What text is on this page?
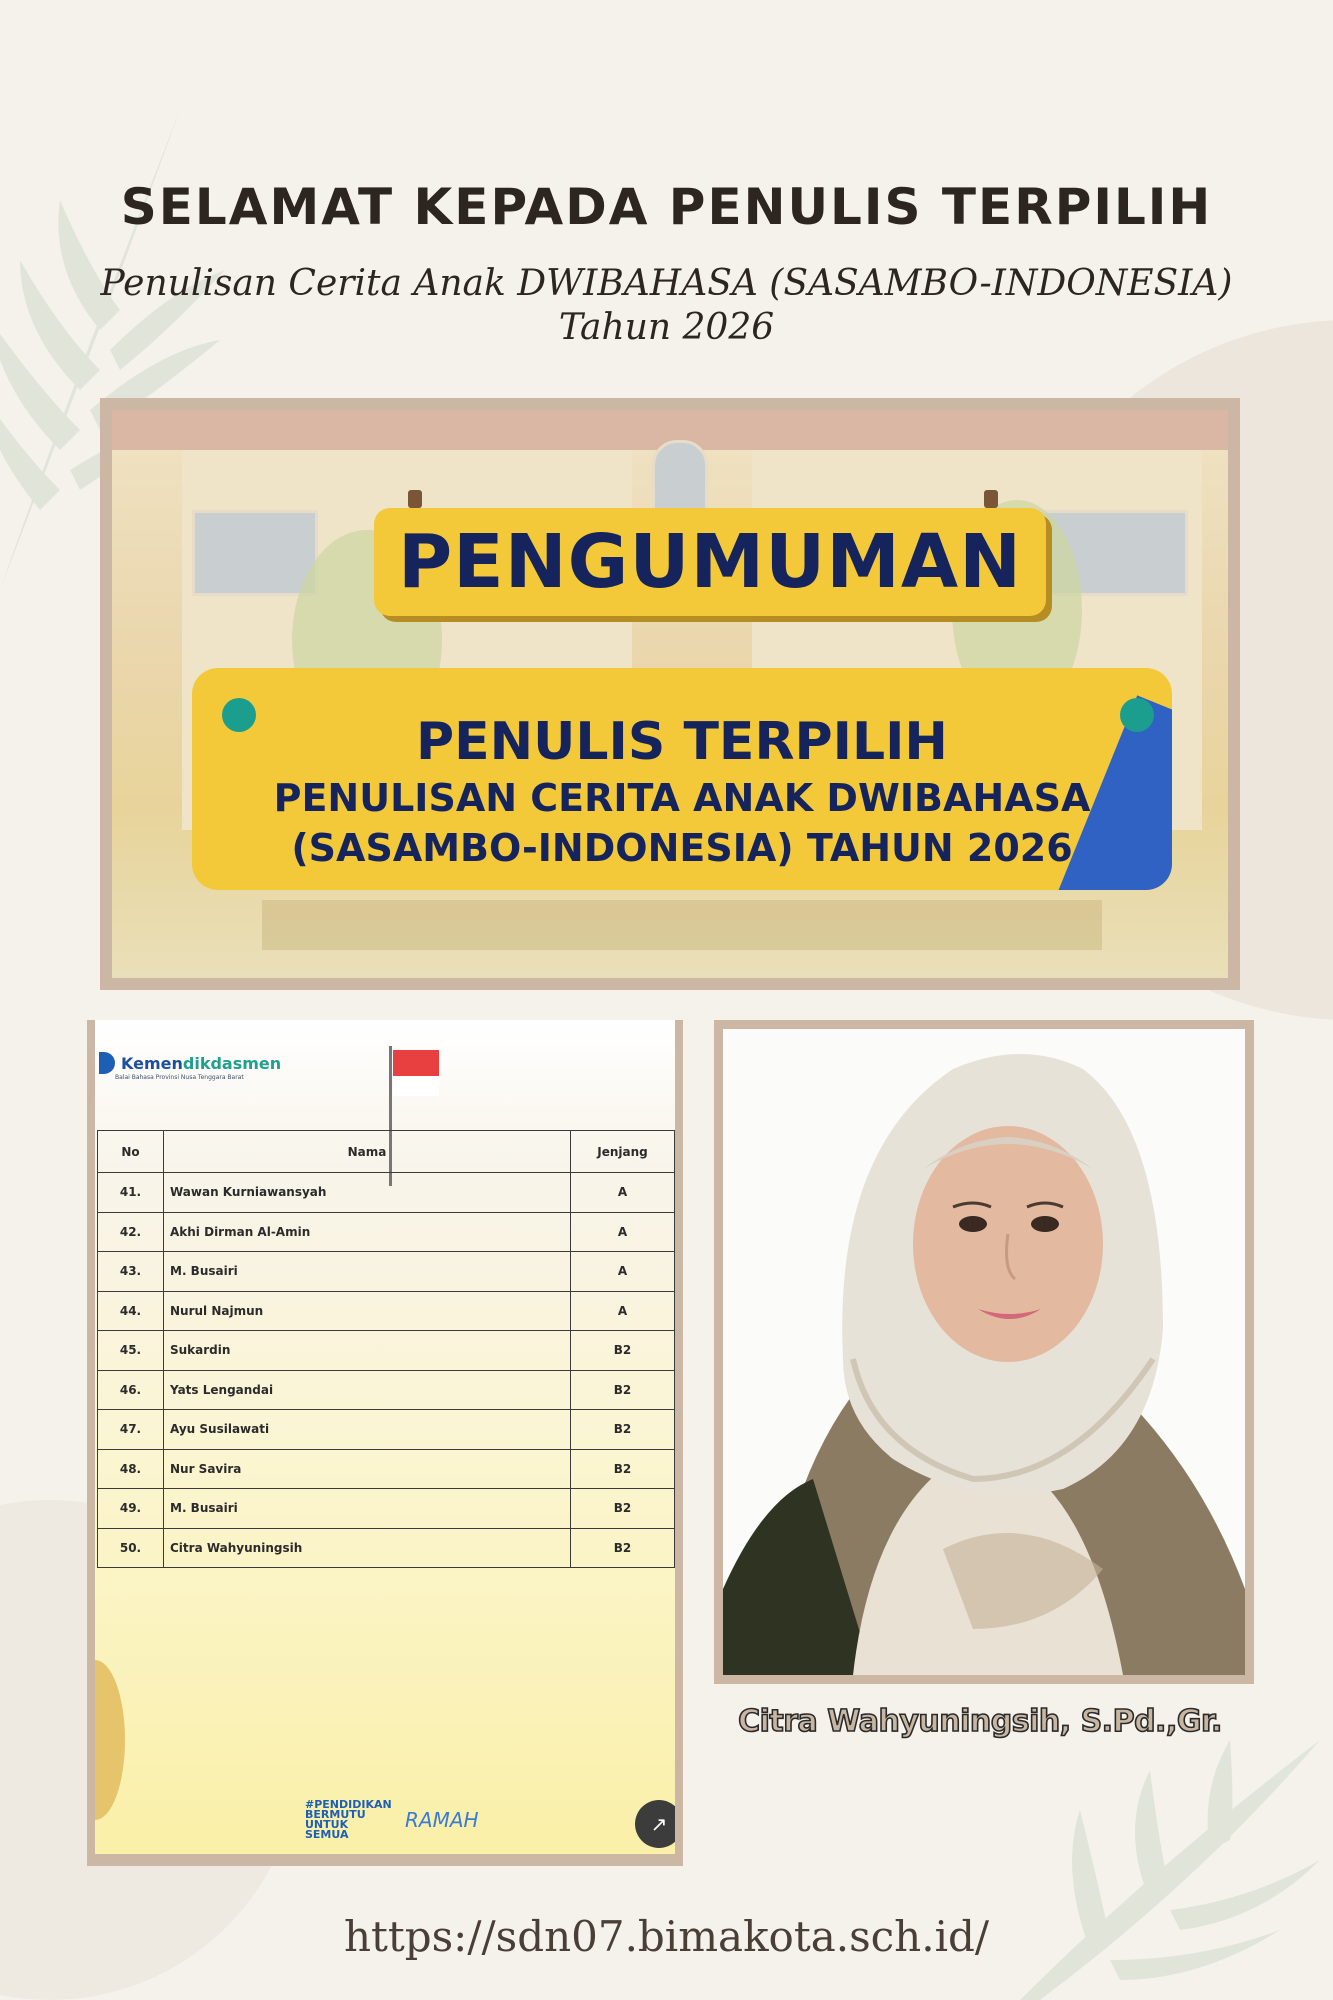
SELAMAT KEPADA PENULIS TERPILIH
Penulisan Cerita Anak DWIBAHASA (SASAMBO-INDONESIA)
Tahun 2026
PENGUMUMAN
PENULIS TERPILIH
PENULISAN CERITA ANAK DWIBAHASA
(SASAMBO-INDONESIA) TAHUN 2026
Kemendikdasmen
Balai Bahasa Provinsi Nusa Tenggara Barat
No	Nama	Jenjang
41.	Wawan Kurniawansyah	A
42.	Akhi Dirman Al-Amin	A
43.	M. Busairi	A
44.	Nurul Najmun	A
45.	Sukardin	B2
46.	Yats Lengandai	B2
47.	Ayu Susilawati	B2
48.	Nur Savira	B2
49.	M. Busairi	B2
50.	Citra Wahyuningsih	B2
#PENDIDIKAN BERMUTU UNTUK SEMUA
RAMAH	↗
Citra Wahyuningsih, S.Pd.,Gr.
https://sdn07.bimakota.sch.id/
